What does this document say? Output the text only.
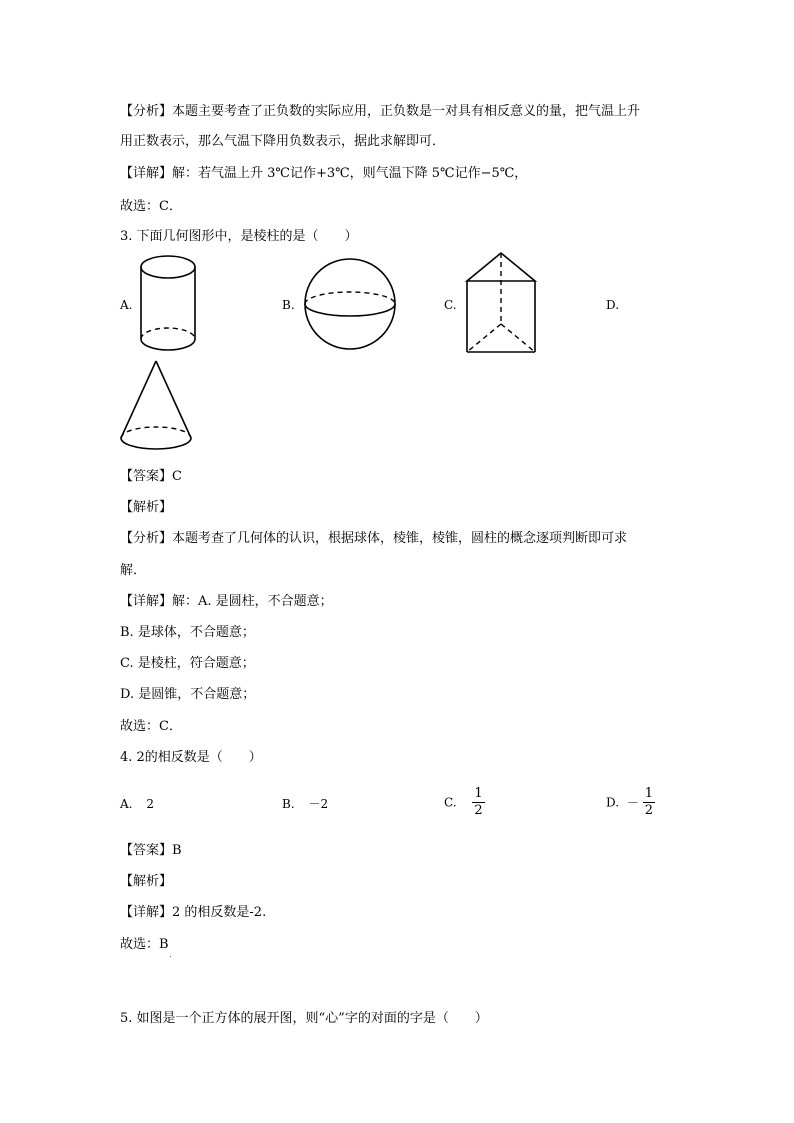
【分析】本题主要考查了正负数的实际应用，正负数是一对具有相反意义的量，把气温上升
用正数表示，那么气温下降用负数表示，据此求解即可．
【详解】解：若气温上升 3℃记作+3℃，则气温下降 5℃记作−5℃，
故选：C．
3. 下面几何图形中，是棱柱的是（　　）
A.	B.	C.	D.
【答案】C
【解析】
【分析】本题考查了几何体的认识，根据球体，棱锥，棱锥，圆柱的概念逐项判断即可求
解．
【详解】解：A. 是圆柱，不合题意；
B. 是球体，不合题意；
C. 是棱柱，符合题意；
D. 是圆锥，不合题意；
故选：C．
4. 2的相反数是（　　）
A. 2	B. －2	C. $\frac{1}{2}$	D. － $\frac{1}{2}$
【答案】B
【解析】
【详解】2 的相反数是-2.
故选：B
5. 如图是一个正方体的展开图，则“心”字的对面的字是（　　）
